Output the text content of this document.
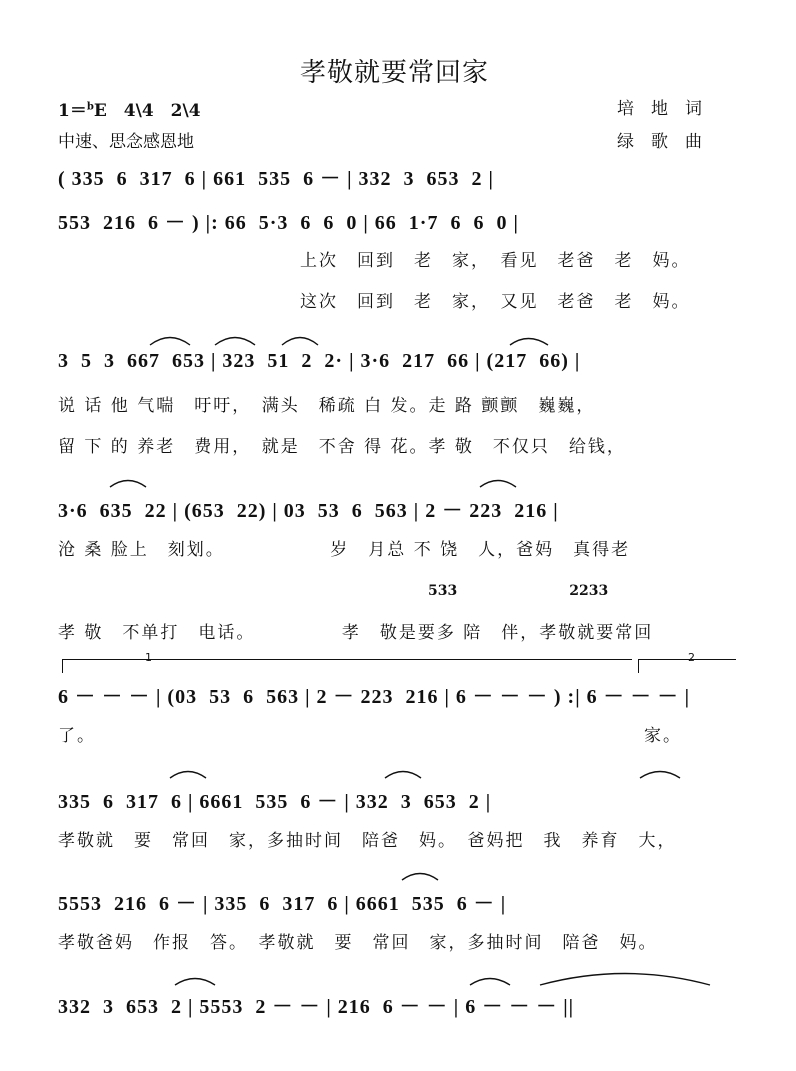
孝敬就要常回家
1＝$^b$E　4\4　2\4	培　地　词
中速、思念感恩地	绿　歌　曲
( 335  6  317  6 | 661  535  6 － | 332  3  653  2 |
553  216  6 － ) |: 66  5·3  6  6  0 | 66  1·7  6  6  0 |
上次　回到　老　家，　看见　老爸　老　妈。
这次　回到　老　家，　又见　老爸　老　妈。
3  5  3  667  653 | 323  51  2  2· | 3·6  217  66 | (217  66) |
说 话 他 气喘　吁吁，　满头　稀疏 白 发。走 路 颤颤　巍巍，
留 下 的 养老　费用，　就是　不舍 得 花。孝 敬　不仅只　给钱，
3·6  635  22 | (653  22) | 03  53  6  563 | 2 － 223  216 |
沧 桑 脸上　刻划。　　　　　　岁　月总 不 饶　人，爸妈　真得老
533　　　　　　　　2233
孝 敬　不单打　电话。　　　　　孝　敬是要多 陪　伴，孝敬就要常回
1	2
6 － － － | (03  53  6  563 | 2 － 223  216 | 6 － － － ) :| 6 － － － |
了。	家。
335  6  317  6 | 6661  535  6 － | 332  3  653  2 |
孝敬就　要　常回　家，多抽时间　陪爸　妈。　爸妈把　我　养育　大，
5553  216  6 － | 335  6  317  6 | 6661  535  6 － |
孝敬爸妈　作报　答。　孝敬就　要　常回　家，多抽时间　陪爸　妈。
332  3  653  2 | 5553  2 － － | 216  6 － － | 6 － － － ||
